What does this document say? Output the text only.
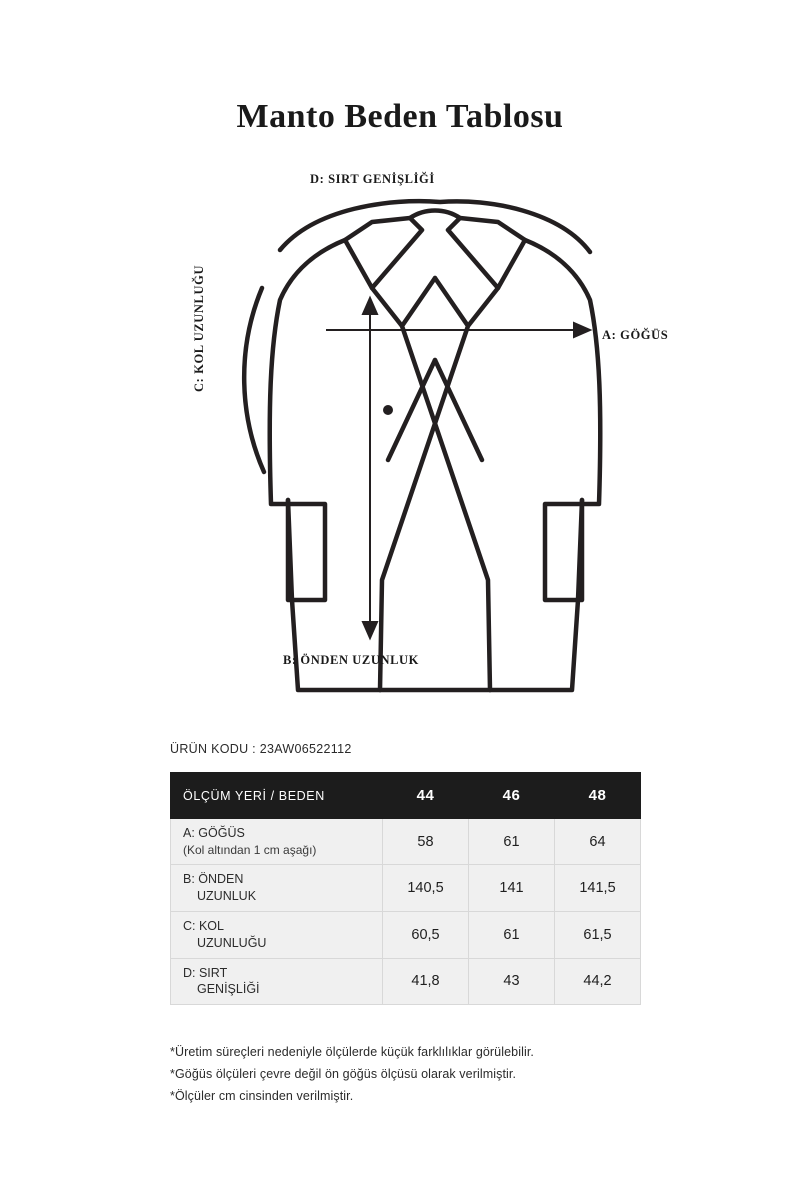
Manto Beden Tablosu
D: SIRT GENİŞLİĞİ
A: GÖĞÜS
C: KOL UZUNLUĞU
B: ÖNDEN UZUNLUK
ÜRÜN KODU : 23AW06522112
ÖLÇÜM YERİ / BEDEN	44	46	48
A: GÖĞÜS
(Kol altından 1 cm aşağı)	58	61	64
B: ÖNDEN
UZUNLUK	140,5	141	141,5
C: KOL
UZUNLUĞU	60,5	61	61,5
D: SIRT
GENİŞLİĞİ	41,8	43	44,2
*Üretim süreçleri nedeniyle ölçülerde küçük farklılıklar görülebilir.
*Göğüs ölçüleri çevre değil ön göğüs ölçüsü olarak verilmiştir.
*Ölçüler cm cinsinden verilmiştir.
